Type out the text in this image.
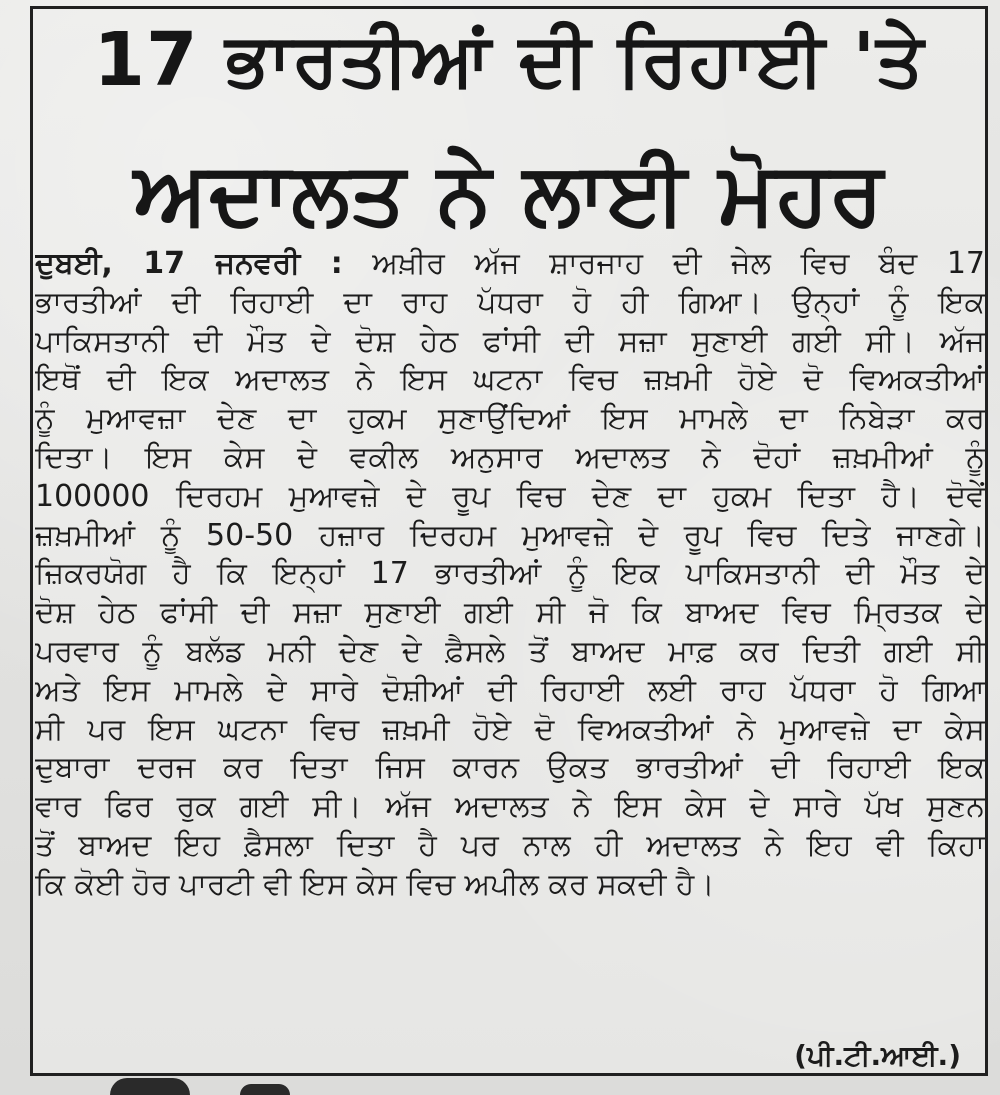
17 ਭਾਰਤੀਆਂ ਦੀ ਰਿਹਾਈ 'ਤੇ
ਅਦਾਲਤ ਨੇ ਲਾਈ ਮੋਹਰ
ਦੁਬਈ, 17 ਜਨਵਰੀ : ਅਖ਼ੀਰ ਅੱਜ ਸ਼ਾਰਜਾਹ ਦੀ ਜੇਲ ਵਿਚ ਬੰਦ 17
ਭਾਰਤੀਆਂ ਦੀ ਰਿਹਾਈ ਦਾ ਰਾਹ ਪੱਧਰਾ ਹੋ ਹੀ ਗਿਆ। ਉਨ੍ਹਾਂ ਨੂੰ ਇਕ
ਪਾਕਿਸਤਾਨੀ ਦੀ ਮੌਤ ਦੇ ਦੋਸ਼ ਹੇਠ ਫਾਂਸੀ ਦੀ ਸਜ਼ਾ ਸੁਣਾਈ ਗਈ ਸੀ। ਅੱਜ
ਇਥੋਂ ਦੀ ਇਕ ਅਦਾਲਤ ਨੇ ਇਸ ਘਟਨਾ ਵਿਚ ਜ਼ਖ਼ਮੀ ਹੋਏ ਦੋ ਵਿਅਕਤੀਆਂ
ਨੂੰ ਮੁਆਵਜ਼ਾ ਦੇਣ ਦਾ ਹੁਕਮ ਸੁਣਾਉਂਦਿਆਂ ਇਸ ਮਾਮਲੇ ਦਾ ਨਿਬੇੜਾ ਕਰ
ਦਿਤਾ। ਇਸ ਕੇਸ ਦੇ ਵਕੀਲ ਅਨੁਸਾਰ ਅਦਾਲਤ ਨੇ ਦੋਹਾਂ ਜ਼ਖ਼ਮੀਆਂ ਨੂੰ
100000 ਦਿਰਹਮ ਮੁਆਵਜ਼ੇ ਦੇ ਰੂਪ ਵਿਚ ਦੇਣ ਦਾ ਹੁਕਮ ਦਿਤਾ ਹੈ। ਦੋਵੇਂ
ਜ਼ਖ਼ਮੀਆਂ ਨੂੰ 50-50 ਹਜ਼ਾਰ ਦਿਰਹਮ ਮੁਆਵਜ਼ੇ ਦੇ ਰੂਪ ਵਿਚ ਦਿਤੇ ਜਾਣਗੇ।
ਜ਼ਿਕਰਯੋਗ ਹੈ ਕਿ ਇਨ੍ਹਾਂ 17 ਭਾਰਤੀਆਂ ਨੂੰ ਇਕ ਪਾਕਿਸਤਾਨੀ ਦੀ ਮੌਤ ਦੇ
ਦੋਸ਼ ਹੇਠ ਫਾਂਸੀ ਦੀ ਸਜ਼ਾ ਸੁਣਾਈ ਗਈ ਸੀ ਜੋ ਕਿ ਬਾਅਦ ਵਿਚ ਮ੍ਰਿਤਕ ਦੇ
ਪਰਵਾਰ ਨੂੰ ਬਲੱਡ ਮਨੀ ਦੇਣ ਦੇ ਫ਼ੈਸਲੇ ਤੋਂ ਬਾਅਦ ਮਾਫ਼ ਕਰ ਦਿਤੀ ਗਈ ਸੀ
ਅਤੇ ਇਸ ਮਾਮਲੇ ਦੇ ਸਾਰੇ ਦੋਸ਼ੀਆਂ ਦੀ ਰਿਹਾਈ ਲਈ ਰਾਹ ਪੱਧਰਾ ਹੋ ਗਿਆ
ਸੀ ਪਰ ਇਸ ਘਟਨਾ ਵਿਚ ਜ਼ਖ਼ਮੀ ਹੋਏ ਦੋ ਵਿਅਕਤੀਆਂ ਨੇ ਮੁਆਵਜ਼ੇ ਦਾ ਕੇਸ
ਦੁਬਾਰਾ ਦਰਜ ਕਰ ਦਿਤਾ ਜਿਸ ਕਾਰਨ ਉਕਤ ਭਾਰਤੀਆਂ ਦੀ ਰਿਹਾਈ ਇਕ
ਵਾਰ ਫਿਰ ਰੁਕ ਗਈ ਸੀ। ਅੱਜ ਅਦਾਲਤ ਨੇ ਇਸ ਕੇਸ ਦੇ ਸਾਰੇ ਪੱਖ ਸੁਣਨ
ਤੋਂ ਬਾਅਦ ਇਹ ਫ਼ੈਸਲਾ ਦਿਤਾ ਹੈ ਪਰ ਨਾਲ ਹੀ ਅਦਾਲਤ ਨੇ ਇਹ ਵੀ ਕਿਹਾ
ਕਿ ਕੋਈ ਹੋਰ ਪਾਰਟੀ ਵੀ ਇਸ ਕੇਸ ਵਿਚ ਅਪੀਲ ਕਰ ਸਕਦੀ ਹੈ।

(ਪੀ.ਟੀ.ਆਈ.)
